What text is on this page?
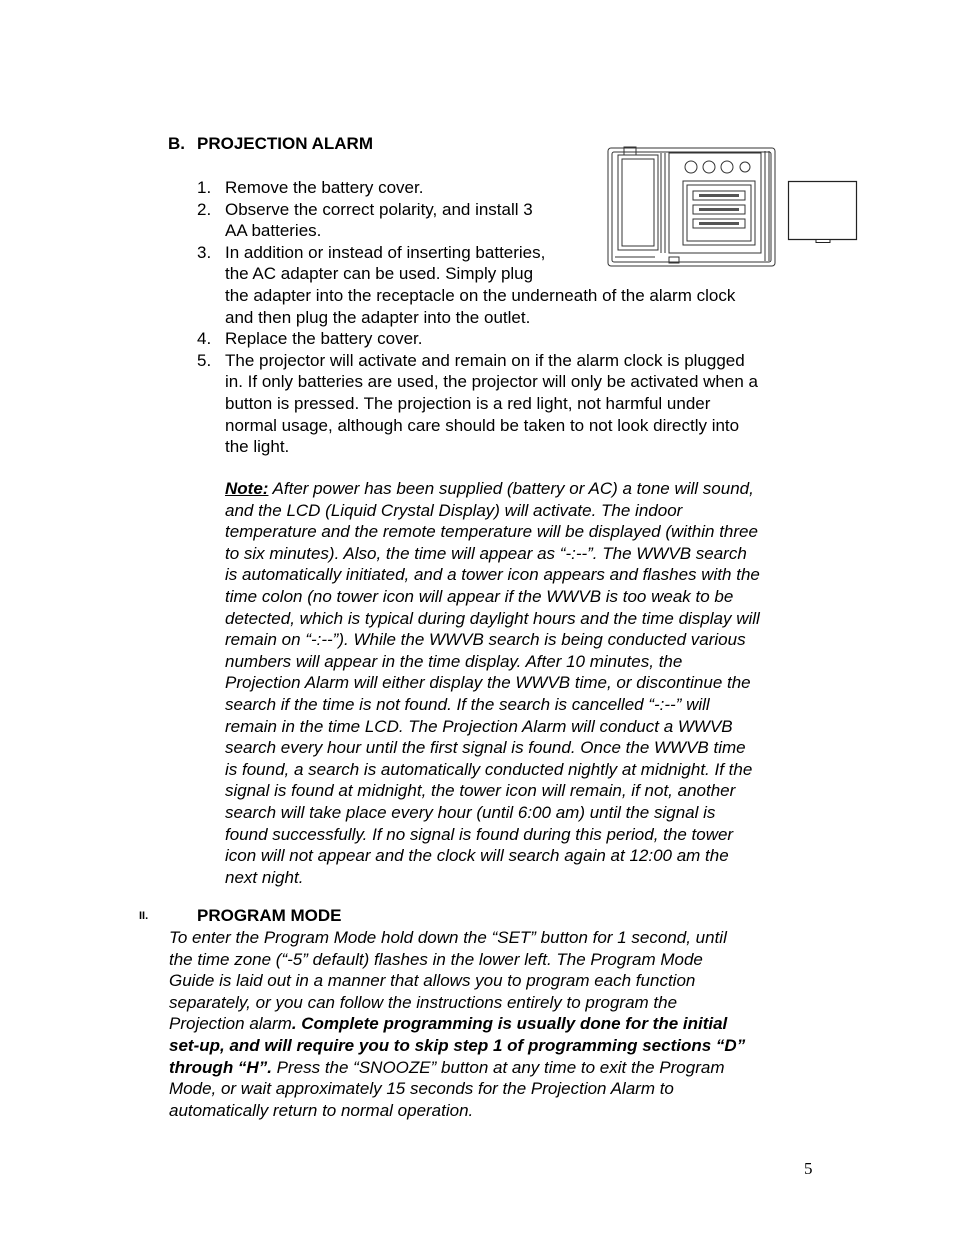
B. PROJECTION ALARM
Note: After power has been supplied (battery or AC) a tone will sound,
II.	PROGRAM MODE
5
1. Remove the battery cover.
2. Observe the correct polarity, and install 3
AA batteries.
3. In addition or instead of inserting batteries,
the AC adapter can be used. Simply plug
the adapter into the receptacle on the underneath of the alarm clock
and then plug the adapter into the outlet.
4. Replace the battery cover.
5. The projector will activate and remain on if the alarm clock is plugged
in. If only batteries are used, the projector will only be activated when a
button is pressed. The projection is a red light, not harmful under
normal usage, although care should be taken to not look directly into
the light.
and the LCD (Liquid Crystal Display) will activate. The indoor
temperature and the remote temperature will be displayed (within three
to six minutes). Also, the time will appear as “-:--”. The WWVB search
is automatically initiated, and a tower icon appears and flashes with the
time colon (no tower icon will appear if the WWVB is too weak to be
detected, which is typical during daylight hours and the time display will
remain on “-:--”). While the WWVB search is being conducted various
numbers will appear in the time display. After 10 minutes, the
Projection Alarm will either display the WWVB time, or discontinue the
search if the time is not found. If the search is cancelled “-:--” will
remain in the time LCD. The Projection Alarm will conduct a WWVB
search every hour until the first signal is found. Once the WWVB time
is found, a search is automatically conducted nightly at midnight. If the
signal is found at midnight, the tower icon will remain, if not, another
search will take place every hour (until 6:00 am) until the signal is
found successfully. If no signal is found during this period, the tower
icon will not appear and the clock will search again at 12:00 am the
next night.
To enter the Program Mode hold down the “SET” button for 1 second, until
the time zone (“-5” default) flashes in the lower left. The Program Mode
Guide is laid out in a manner that allows you to program each function
separately, or you can follow the instructions entirely to program the
Projection alarm. Complete programming is usually done for the initial
set-up, and will require you to skip step 1 of programming sections “D”
through “H”. Press the “SNOOZE” button at any time to exit the Program
Mode, or wait approximately 15 seconds for the Projection Alarm to
automatically return to normal operation.
